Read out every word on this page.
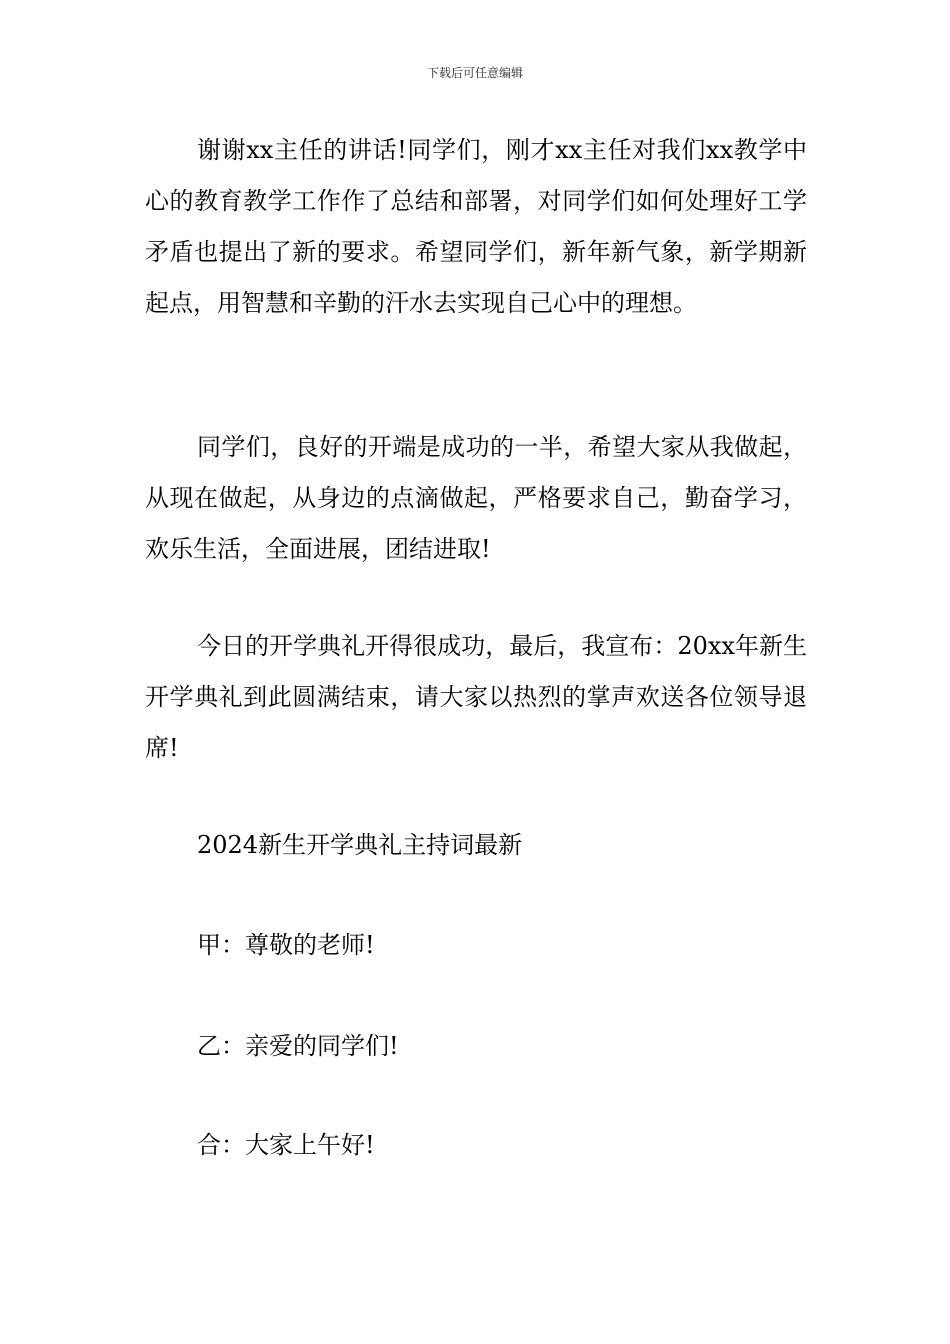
下载后可任意编辑

谢谢xx主任的讲话!同学们，刚才xx主任对我们xx教学中心的教育教学工作作了总结和部署，对同学们如何处理好工学矛盾也提出了新的要求。希望同学们，新年新气象，新学期新起点，用智慧和辛勤的汗水去实现自己心中的理想。

同学们，良好的开端是成功的一半，希望大家从我做起，从现在做起，从身边的点滴做起，严格要求自己，勤奋学习，欢乐生活，全面进展，团结进取!

今日的开学典礼开得很成功，最后，我宣布：20xx年新生开学典礼到此圆满结束，请大家以热烈的掌声欢送各位领导退席!

2024新生开学典礼主持词最新

甲：尊敬的老师!

乙：亲爱的同学们!

合：大家上午好!
